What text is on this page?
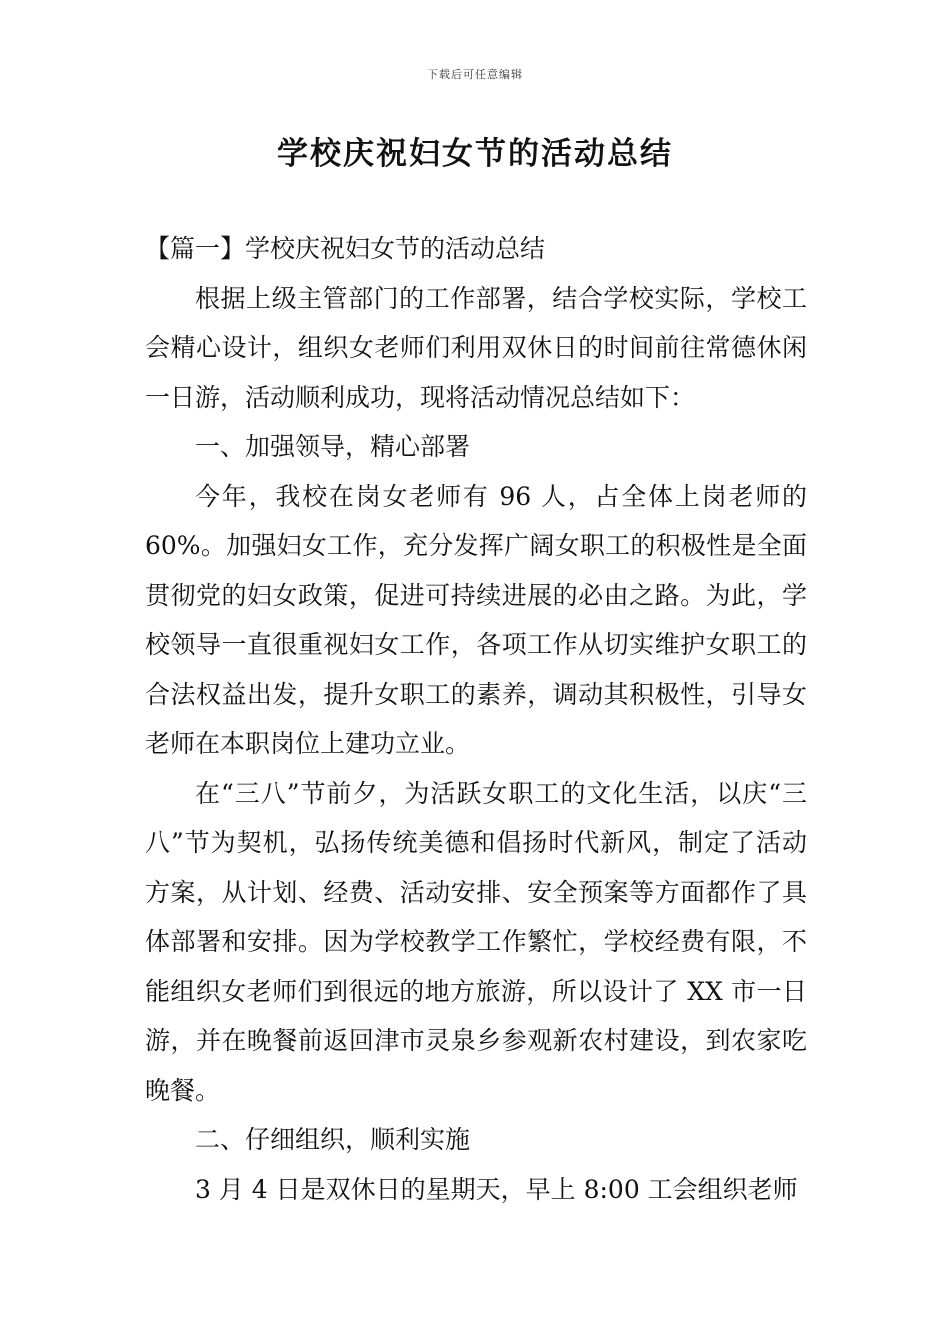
下载后可任意编辑
学校庆祝妇女节的活动总结

【篇一】学校庆祝妇女节的活动总结

根据上级主管部门的工作部署，结合学校实际，学校工会精心设计，组织女老师们利用双休日的时间前往常德休闲一日游，活动顺利成功，现将活动情况总结如下：

一、加强领导，精心部署

今年，我校在岗女老师有 96 人，占全体上岗老师的 60%。加强妇女工作，充分发挥广阔女职工的积极性是全面贯彻党的妇女政策，促进可持续进展的必由之路。为此，学校领导一直很重视妇女工作，各项工作从切实维护女职工的合法权益出发，提升女职工的素养，调动其积极性，引导女老师在本职岗位上建功立业。

在“三八”节前夕，为活跃女职工的文化生活，以庆“三八”节为契机，弘扬传统美德和倡扬时代新风，制定了活动方案，从计划、经费、活动安排、安全预案等方面都作了具体部署和安排。因为学校教学工作繁忙，学校经费有限，不能组织女老师们到很远的地方旅游，所以设计了 XX 市一日游，并在晚餐前返回津市灵泉乡参观新农村建设，到农家吃晚餐。

二、仔细组织，顺利实施

3 月 4 日是双休日的星期天，早上 8:00 工会组织老师
